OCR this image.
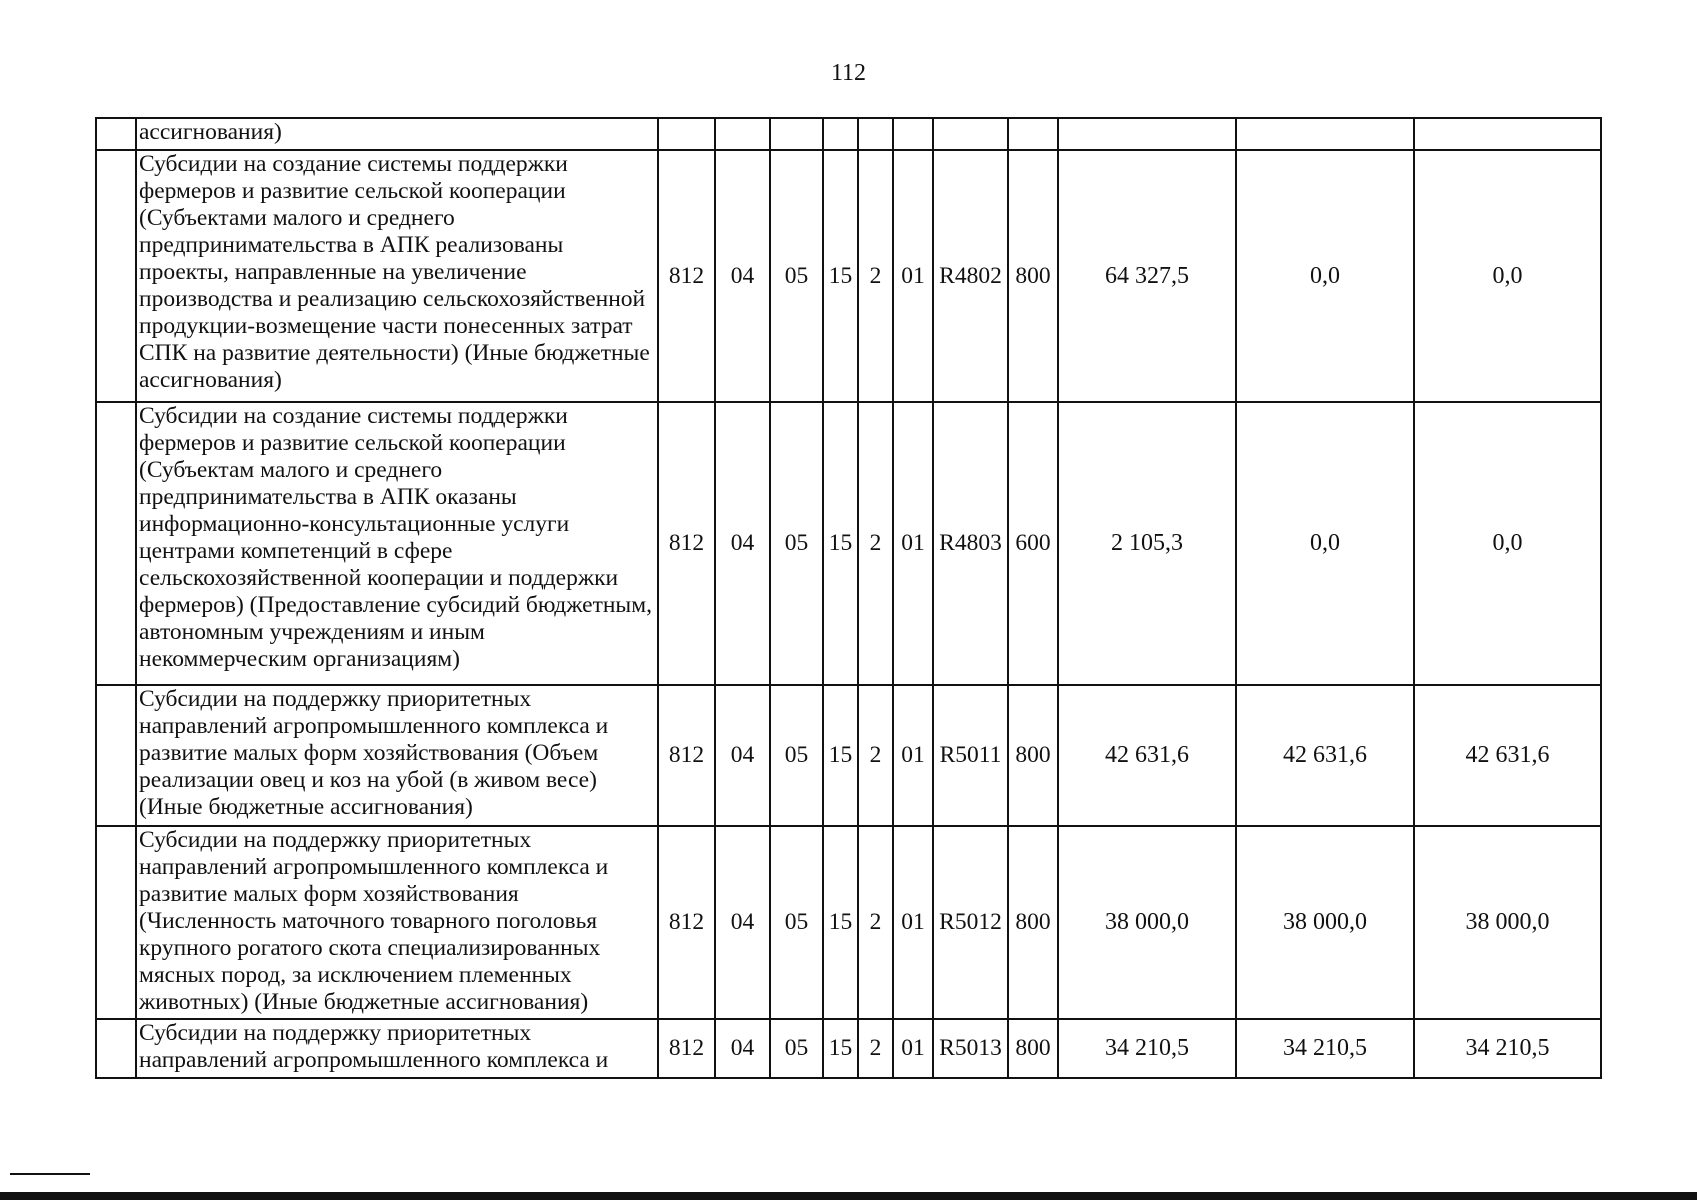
112
	ассигнования)											
	Субсидии на создание системы поддержки фермеров и развитие сельской кооперации (Субъектами малого и среднего предпринимательства в АПК реализованы проекты, направленные на увеличение производства и реализацию сельскохозяйственной продукции-возмещение части понесенных затрат СПК на развитие деятельности) (Иные бюджетные ассигнования)	812	04	05	15	2	01	R4802	800	64 327,5	0,0	0,0
	Субсидии на создание системы поддержки фермеров и развитие сельской кооперации (Субъектам малого и среднего предпринимательства в АПК оказаны информационно-консультационные услуги центрами компетенций в сфере сельскохозяйственной кооперации и поддержки фермеров) (Предоставление субсидий бюджетным, автономным учреждениям и иным некоммерческим организациям)	812	04	05	15	2	01	R4803	600	2 105,3	0,0	0,0
	Субсидии на поддержку приоритетных направлений агропромышленного комплекса и развитие малых форм хозяйствования (Объем реализации овец и коз на убой (в живом весе) (Иные бюджетные ассигнования)	812	04	05	15	2	01	R5011	800	42 631,6	42 631,6	42 631,6
	Субсидии на поддержку приоритетных направлений агропромышленного комплекса и развитие малых форм хозяйствования (Численность маточного товарного поголовья крупного рогатого скота специализированных мясных пород, за исключением племенных животных) (Иные бюджетные ассигнования)	812	04	05	15	2	01	R5012	800	38 000,0	38 000,0	38 000,0
	Субсидии на поддержку приоритетных направлений агропромышленного комплекса и	812	04	05	15	2	01	R5013	800	34 210,5	34 210,5	34 210,5
